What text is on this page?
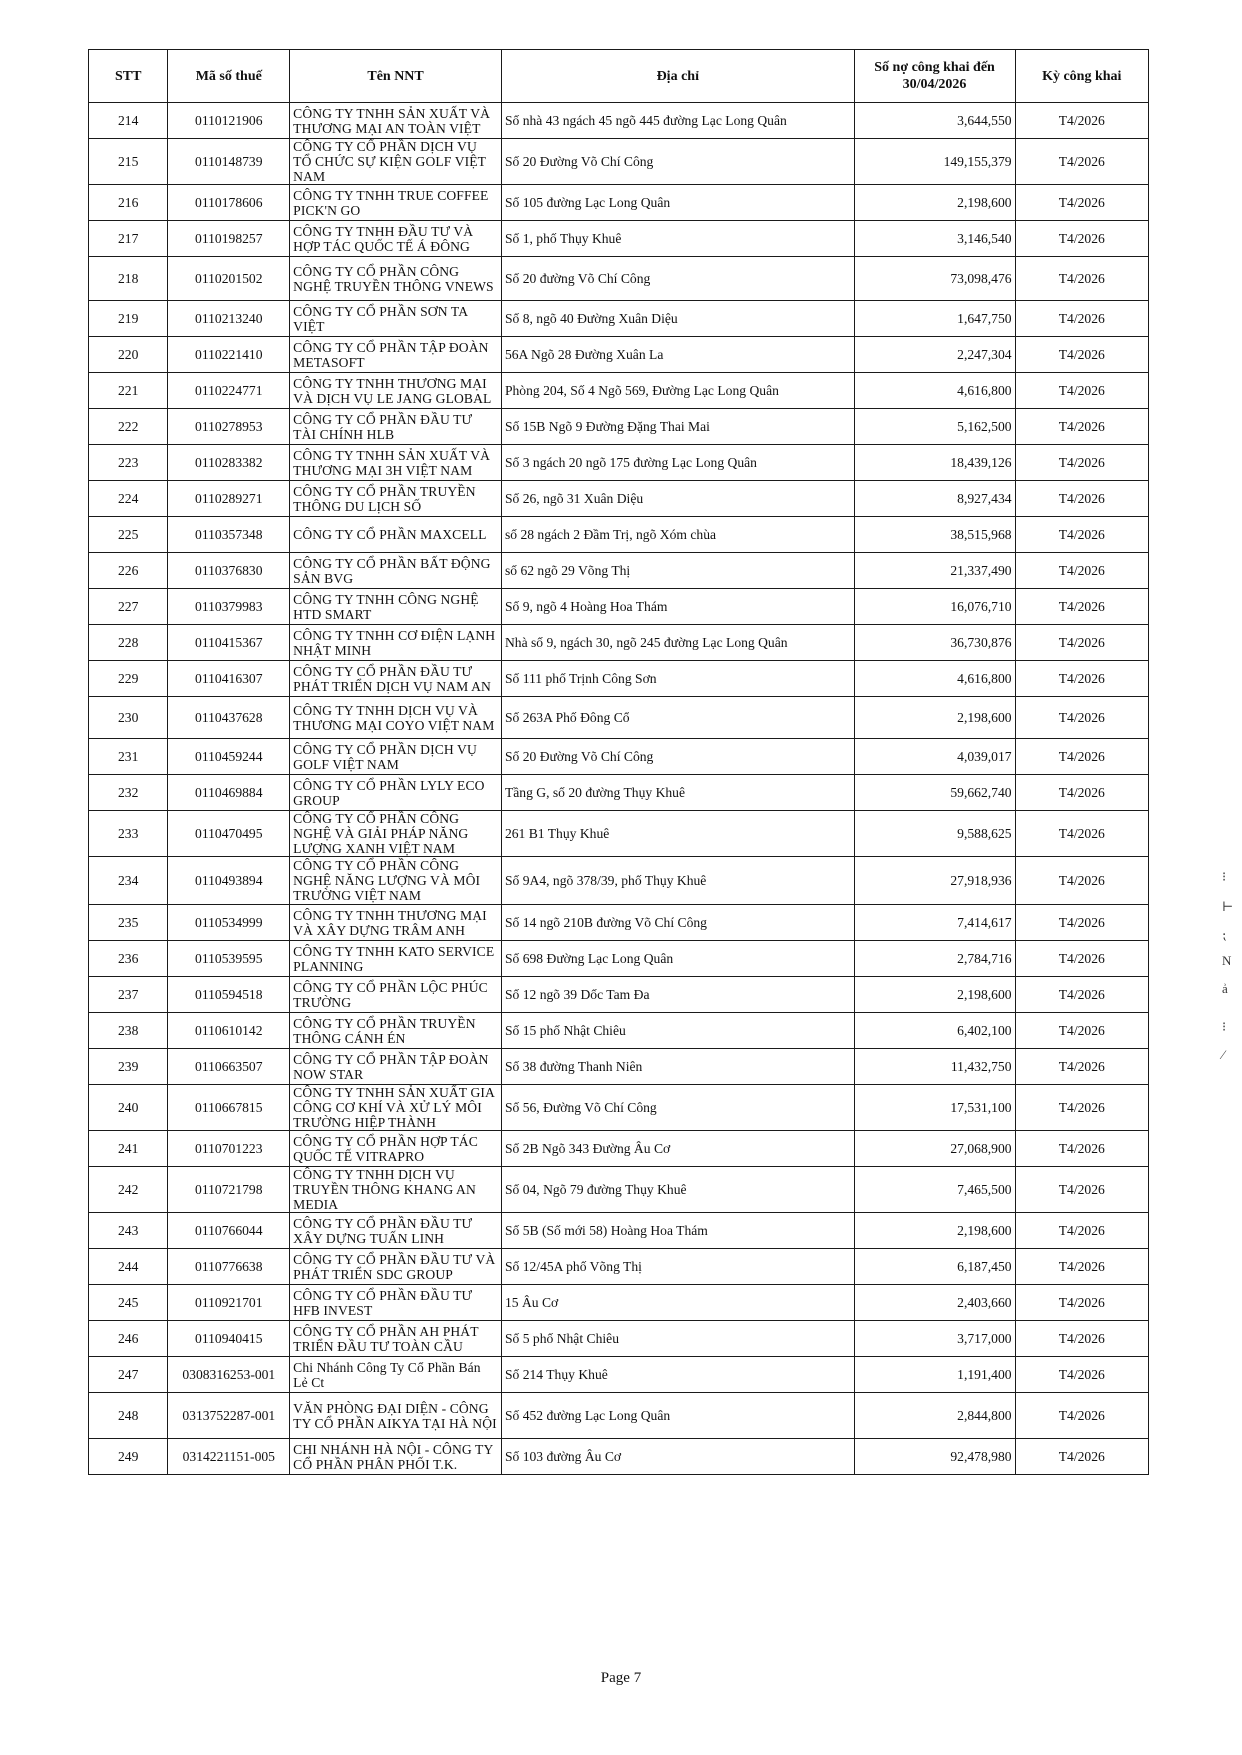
STT	Mã số thuế	Tên NNT	Địa chỉ	Số nợ công khai đến 30/04/2026	Kỳ công khai
214	0110121906	CÔNG TY TNHH SẢN XUẤT VÀ THƯƠNG MẠI AN TOÀN VIỆT	Số nhà 43 ngách 45 ngõ 445 đường Lạc Long Quân	3,644,550	T4/2026
215	0110148739	CÔNG TY CỔ PHẦN DỊCH VỤ TỔ CHỨC SỰ KIỆN GOLF VIỆT NAM	Số 20 Đường Võ Chí Công	149,155,379	T4/2026
216	0110178606	CÔNG TY TNHH TRUE COFFEE PICK'N GO	Số 105 đường Lạc Long Quân	2,198,600	T4/2026
217	0110198257	CÔNG TY TNHH ĐẦU TƯ VÀ HỢP TÁC QUỐC TẾ Á ĐÔNG	Số 1, phố Thụy Khuê	3,146,540	T4/2026
218	0110201502	CÔNG TY CỔ PHẦN CÔNG NGHỆ TRUYỀN THÔNG VNEWS	Số 20 đường Võ Chí Công	73,098,476	T4/2026
219	0110213240	CÔNG TY CỔ PHẦN SƠN TA VIỆT	Số 8, ngõ 40 Đường Xuân Diệu	1,647,750	T4/2026
220	0110221410	CÔNG TY CỔ PHẦN TẬP ĐOÀN METASOFT	56A Ngõ 28 Đường Xuân La	2,247,304	T4/2026
221	0110224771	CÔNG TY TNHH THƯƠNG MẠI VÀ DỊCH VỤ LE JANG GLOBAL	Phòng 204, Số 4 Ngõ 569, Đường Lạc Long Quân	4,616,800	T4/2026
222	0110278953	CÔNG TY CỔ PHẦN ĐẦU TƯ TÀI CHÍNH HLB	Số 15B Ngõ 9 Đường Đặng Thai Mai	5,162,500	T4/2026
223	0110283382	CÔNG TY TNHH SẢN XUẤT VÀ THƯƠNG MẠI 3H VIỆT NAM	Số 3 ngách 20 ngõ 175 đường Lạc Long Quân	18,439,126	T4/2026
224	0110289271	CÔNG TY CỔ PHẦN TRUYỀN THÔNG DU LỊCH SỐ	Số 26, ngõ 31 Xuân Diệu	8,927,434	T4/2026
225	0110357348	CÔNG TY CỔ PHẦN MAXCELL	số 28 ngách 2 Đầm Trị, ngõ Xóm chùa	38,515,968	T4/2026
226	0110376830	CÔNG TY CỔ PHẦN BẤT ĐỘNG SẢN BVG	số 62 ngõ 29 Võng Thị	21,337,490	T4/2026
227	0110379983	CÔNG TY TNHH CÔNG NGHỆ HTD SMART	Số 9, ngõ 4 Hoàng Hoa Thám	16,076,710	T4/2026
228	0110415367	CÔNG TY TNHH CƠ ĐIỆN LẠNH NHẬT MINH	Nhà số 9, ngách 30, ngõ 245 đường Lạc Long Quân	36,730,876	T4/2026
229	0110416307	CÔNG TY CỔ PHẦN ĐẦU TƯ PHÁT TRIỂN DỊCH VỤ NAM AN	Số 111 phố Trịnh Công Sơn	4,616,800	T4/2026
230	0110437628	CÔNG TY TNHH DỊCH VỤ VÀ THƯƠNG MẠI COYO VIỆT NAM	Số 263A Phố Đông Cổ	2,198,600	T4/2026
231	0110459244	CÔNG TY CỔ PHẦN DỊCH VỤ GOLF VIỆT NAM	Số 20 Đường Võ Chí Công	4,039,017	T4/2026
232	0110469884	CÔNG TY CỔ PHẦN LYLY ECO GROUP	Tầng G, số 20 đường Thụy Khuê	59,662,740	T4/2026
233	0110470495	CÔNG TY CỔ PHẦN CÔNG NGHỆ VÀ GIẢI PHÁP NĂNG LƯỢNG XANH VIỆT NAM	261 B1 Thụy Khuê	9,588,625	T4/2026
234	0110493894	CÔNG TY CỔ PHẦN CÔNG NGHỆ NĂNG LƯỢNG VÀ MÔI TRƯỜNG VIỆT NAM	Số 9A4, ngõ 378/39, phố Thụy Khuê	27,918,936	T4/2026
235	0110534999	CÔNG TY TNHH THƯƠNG MẠI VÀ XÂY DỰNG TRÂM ANH	Số 14 ngõ 210B đường Võ Chí Công	7,414,617	T4/2026
236	0110539595	CÔNG TY TNHH KATO SERVICE PLANNING	Số 698 Đường Lạc Long Quân	2,784,716	T4/2026
237	0110594518	CÔNG TY CỔ PHẦN LỘC PHÚC TRƯỜNG	Số 12 ngõ 39 Dốc Tam Đa	2,198,600	T4/2026
238	0110610142	CÔNG TY CỔ PHẦN TRUYỀN THÔNG CÁNH ÉN	Số 15 phố Nhật Chiêu	6,402,100	T4/2026
239	0110663507	CÔNG TY CỔ PHẦN TẬP ĐOÀN NOW STAR	Số 38 đường Thanh Niên	11,432,750	T4/2026
240	0110667815	CÔNG TY TNHH SẢN XUẤT GIA CÔNG CƠ KHÍ VÀ XỬ LÝ MÔI TRƯỜNG HIỆP THÀNH	Số 56, Đường Võ Chí Công	17,531,100	T4/2026
241	0110701223	CÔNG TY CỔ PHẦN HỢP TÁC QUỐC TẾ VITRAPRO	Số 2B Ngõ 343 Đường Âu Cơ	27,068,900	T4/2026
242	0110721798	CÔNG TY TNHH DỊCH VỤ TRUYỀN THÔNG KHANG AN MEDIA	Số 04, Ngõ 79 đường Thụy Khuê	7,465,500	T4/2026
243	0110766044	CÔNG TY CỔ PHẦN ĐẦU TƯ XÂY DỰNG TUẤN LINH	Số 5B (Số mới 58) Hoàng Hoa Thám	2,198,600	T4/2026
244	0110776638	CÔNG TY CỔ PHẦN ĐẦU TƯ VÀ PHÁT TRIỂN SDC GROUP	Số 12/45A phố Võng Thị	6,187,450	T4/2026
245	0110921701	CÔNG TY CỔ PHẦN ĐẦU TƯ HFB INVEST	15 Âu Cơ	2,403,660	T4/2026
246	0110940415	CÔNG TY CỔ PHẦN AH PHÁT TRIỂN ĐẦU TƯ TOÀN CẦU	Số 5 phố Nhật Chiêu	3,717,000	T4/2026
247	0308316253-001	Chi Nhánh Công Ty Cổ Phần Bán Lẻ Ct	Số 214 Thụy Khuê	1,191,400	T4/2026
248	0313752287-001	VĂN PHÒNG ĐẠI DIỆN - CÔNG TY CỔ PHẦN AIKYA TẠI HÀ NỘI	Số 452 đường Lạc Long Quân	2,844,800	T4/2026
249	0314221151-005	CHI NHÁNH HÀ NỘI - CÔNG TY CỔ PHẦN PHÂN PHỐI T.K.	Số 103 đường Âu Cơ	92,478,980	T4/2026
Page 7
⁝
⊢
⁏
Ν
ẚ
⁝
⁄
